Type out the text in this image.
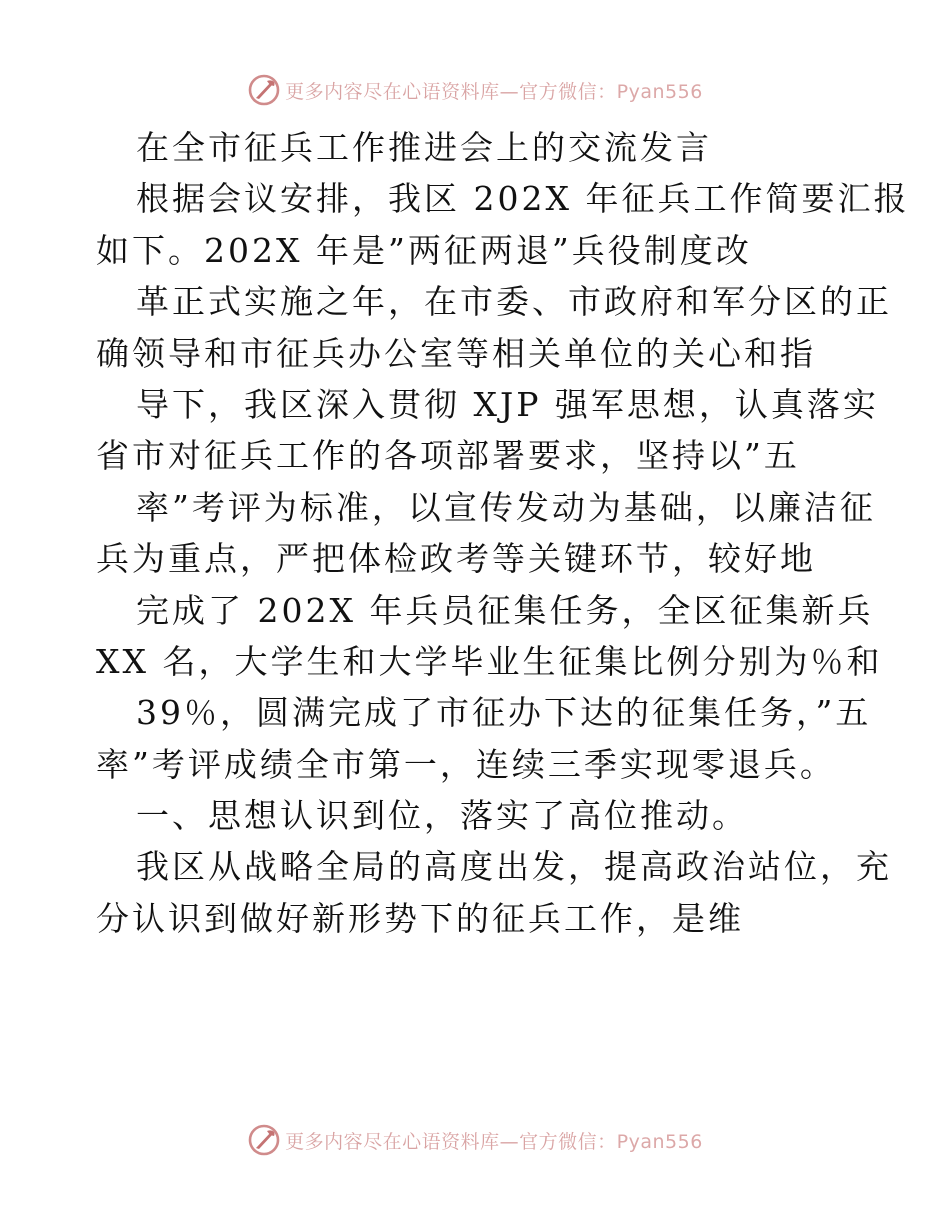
更多内容尽在心语资料库—官方微信：Pyan556
在全市征兵工作推进会上的交流发言
根据会议安排，我区 202X 年征兵工作简要汇报
如下。202X 年是”两征两退”兵役制度改
革正式实施之年，在市委、市政府和军分区的正
确领导和市征兵办公室等相关单位的关心和指
导下，我区深入贯彻 XJP 强军思想，认真落实
省市对征兵工作的各项部署要求，坚持以”五
率”考评为标准，以宣传发动为基础，以廉洁征
兵为重点，严把体检政考等关键环节，较好地
完成了 202X 年兵员征集任务，全区征集新兵
XX 名，大学生和大学毕业生征集比例分别为％和
39％，圆满完成了市征办下达的征集任务，”五
率”考评成绩全市第一，连续三季实现零退兵。
一、思想认识到位，落实了高位推动。
我区从战略全局的高度出发，提高政治站位，充
分认识到做好新形势下的征兵工作，是维
更多内容尽在心语资料库—官方微信：Pyan556
